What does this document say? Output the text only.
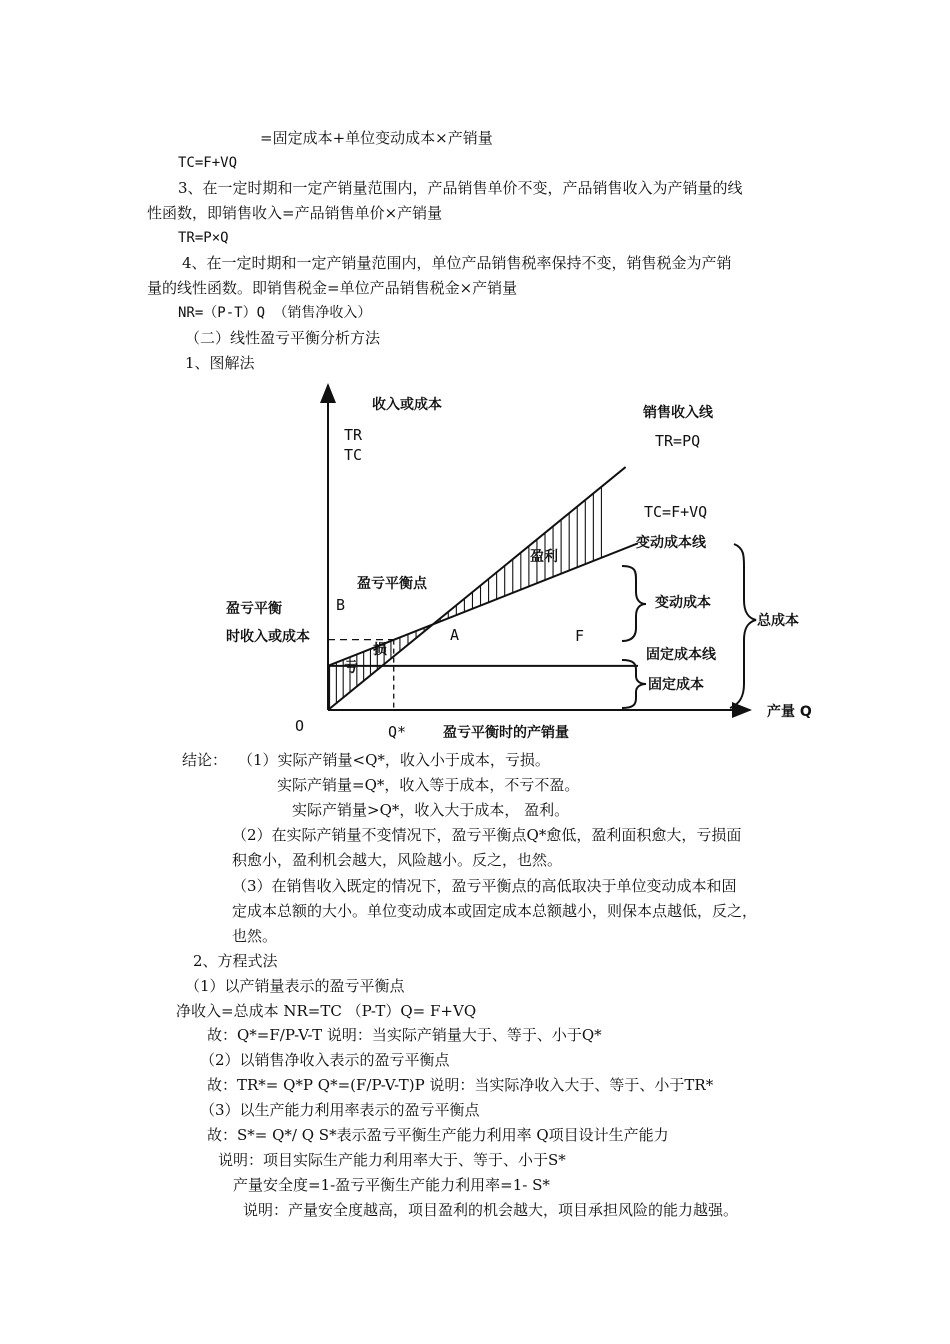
=固定成本+单位变动成本×产销量
TC=F+VQ
3、在一定时期和一定产销量范围内，产品销售单价不变，产品销售收入为产销量的线
性函数，即销售收入=产品销售单价×产销量
TR=P×Q
4、在一定时期和一定产销量范围内，单位产品销售税率保持不变，销售税金为产销
量的线性函数。即销售税金=单位产品销售税金×产销量
NR=（P-T）Q （销售净收入）
（二）线性盈亏平衡分析方法
1、图解法
收入或成本
TR
TC
销售收入线
TR=PQ
TC=F+VQ
变动成本线
变动成本
总成本
固定成本线
固定成本
盈亏平衡点
盈利
损
亏
B
A	F
盈亏平衡
时收入或成本
O	Q*	盈亏平衡时的产销量
产量 Q
结论： （1）实际产销量<Q*，收入小于成本，亏损。
实际产销量=Q*，收入等于成本，不亏不盈。
实际产销量>Q*，收入大于成本， 盈利。
（2）在实际产销量不变情况下，盈亏平衡点Q*愈低，盈利面积愈大，亏损面
积愈小，盈利机会越大，风险越小。反之，也然。
（3）在销售收入既定的情况下，盈亏平衡点的高低取决于单位变动成本和固
定成本总额的大小。单位变动成本或固定成本总额越小，则保本点越低，反之，
也然。
2、方程式法
（1）以产销量表示的盈亏平衡点
净收入=总成本 NR=TC （P-T）Q= F+VQ
故：Q*=F/P-V-T 说明：当实际产销量大于、等于、小于Q*
（2）以销售净收入表示的盈亏平衡点
故：TR*= Q*P Q*=(F/P-V-T)P 说明：当实际净收入大于、等于、小于TR*
（3）以生产能力利用率表示的盈亏平衡点
故：S*= Q*/ Q S*表示盈亏平衡生产能力利用率 Q项目设计生产能力
说明：项目实际生产能力利用率大于、等于、小于S*
产量安全度=1-盈亏平衡生产能力利用率=1- S*
说明：产量安全度越高，项目盈利的机会越大，项目承担风险的能力越强。
